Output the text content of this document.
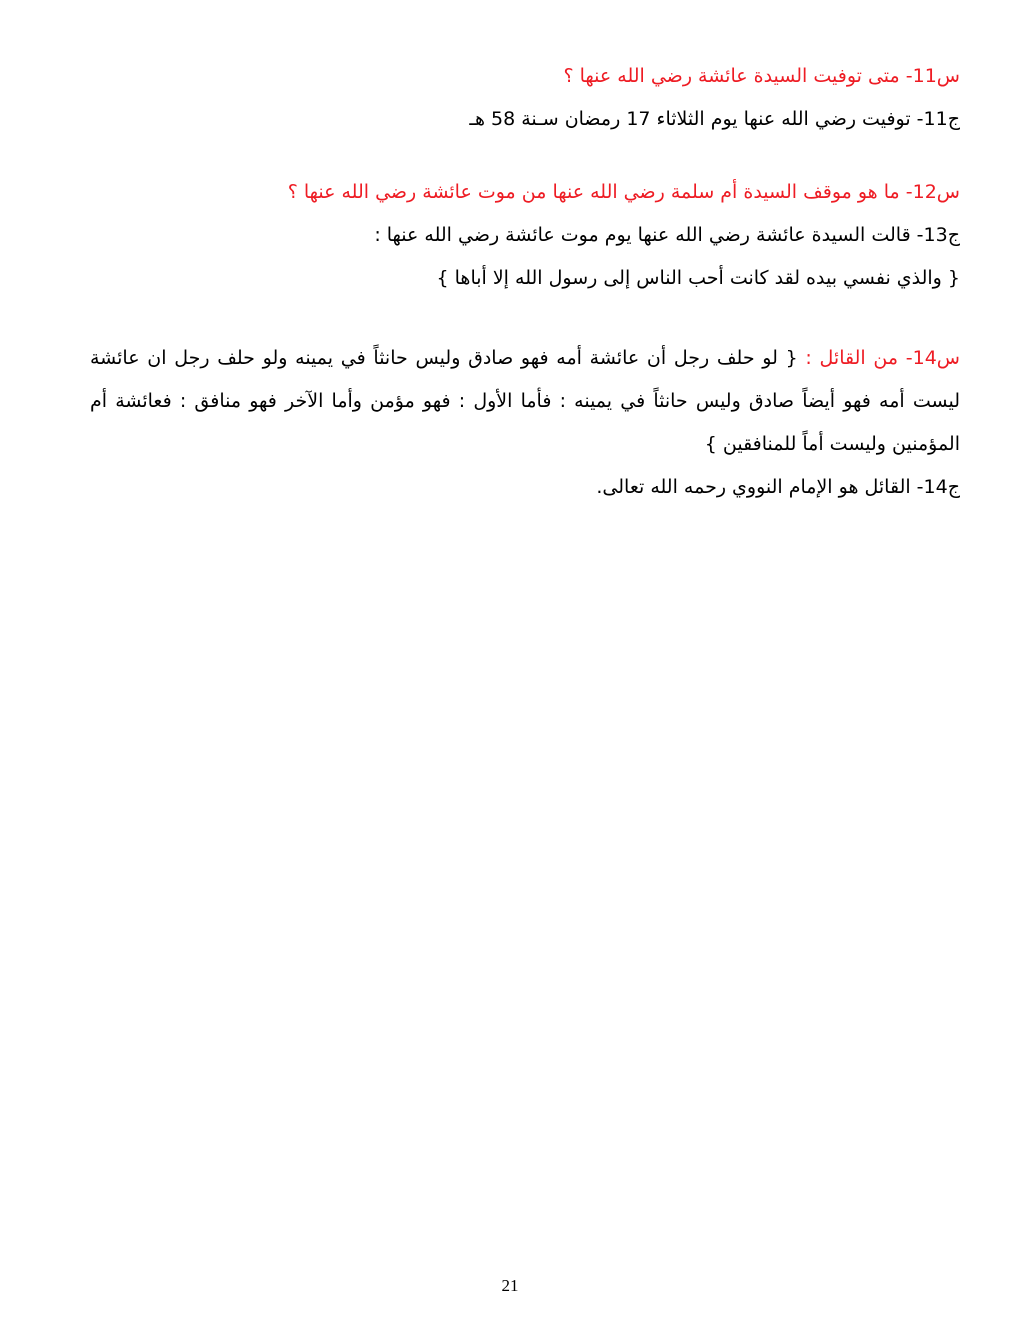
س11- متى توفيت السيدة عائشة رضي الله عنها ؟
ج11- توفيت رضي الله عنها يوم الثلاثاء 17 رمضان سـنة 58 هـ
س12- ما هو موقف السيدة أم سلمة رضي الله عنها من موت عائشة رضي الله عنها ؟
ج13- قالت السيدة عائشة رضي الله عنها يوم موت عائشة رضي الله عنها :
{ والذي نفسي بيده لقد كانت أحب الناس إلى رسول الله إلا أباها }
س14- من القائل : { لو حلف رجل أن عائشة أمه فهو صادق وليس حانثاً في يمينه ولو حلف رجل ان عائشة ليست أمه فهو أيضاً صادق وليس حانثاً في يمينه : فأما الأول : فهو مؤمن وأما الآخر فهو منافق : فعائشة أم المؤمنين وليست أماً للمنافقين }
ج14- القائل هو الإمام النووي رحمه الله تعالى.
21
